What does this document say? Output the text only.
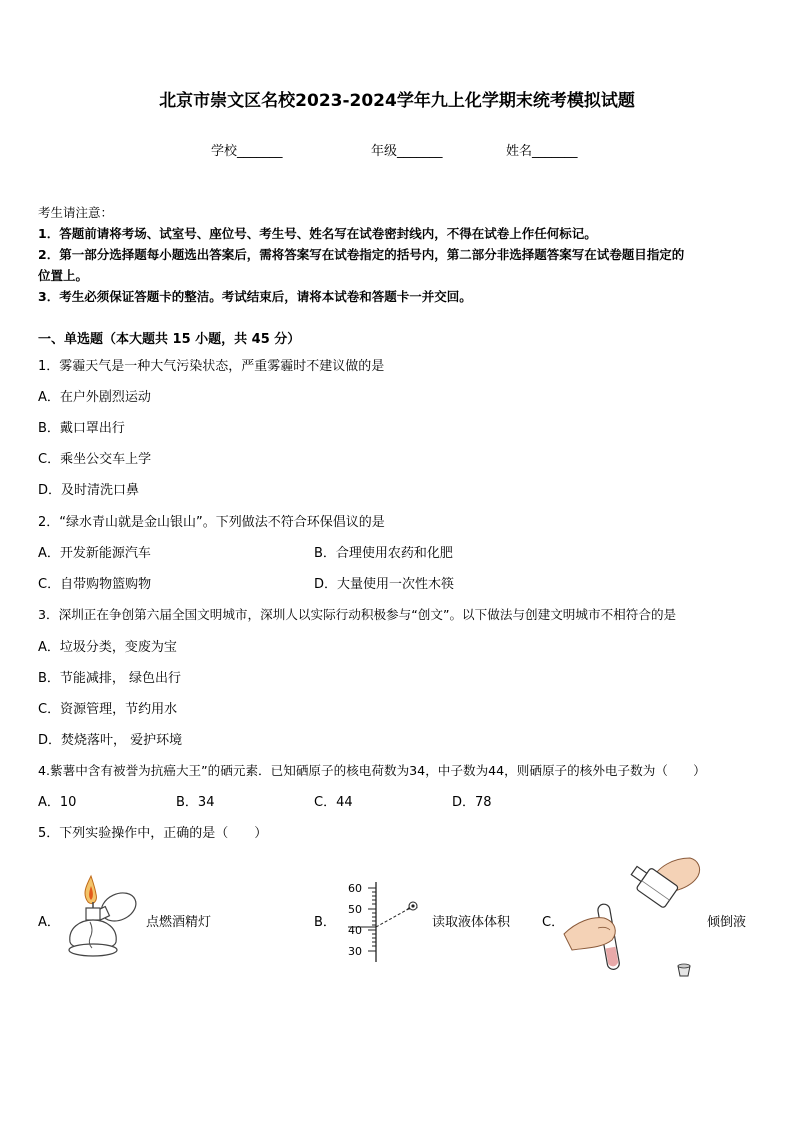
北京市崇文区名校2023-2024学年九上化学期末统考模拟试题
学校_______	年级_______	姓名_______
考生请注意：
1．答题前请将考场、试室号、座位号、考生号、姓名写在试卷密封线内，不得在试卷上作任何标记。
2．第一部分选择题每小题选出答案后，需将答案写在试卷指定的括号内，第二部分非选择题答案写在试卷题目指定的
位置上。
3．考生必须保证答题卡的整洁。考试结束后，请将本试卷和答题卡一并交回。
一、单选题（本大题共 15 小题，共 45 分）
1．雾霾天气是一种大气污染状态，严重雾霾时不建议做的是
A．在户外剧烈运动
B．戴口罩出行
C．乘坐公交车上学
D．及时清洗口鼻
2．“绿水青山就是金山银山”。下列做法不符合环保倡议的是
A．开发新能源汽车	B．合理使用农药和化肥
C．自带购物篮购物	D．大量使用一次性木筷
3．深圳正在争创第六届全国文明城市，深圳人以实际行动积极参与“创文”。以下做法与创建文明城市不相符合的是
A．垃圾分类，变废为宝
B．节能减排， 绿色出行
C．资源管理，节约用水
D．焚烧落叶， 爱护环境
4.紫薯中含有被誉为抗癌大王”的硒元素．已知硒原子的核电荷数为34，中子数为44，则硒原子的核外电子数为（　　）
A．10	B．34	C．44	D．78
5．下列实验操作中，正确的是（　　）
A．	点燃酒精灯	B．
60
50
40
30
读取液体体积 C．	倾倒液
